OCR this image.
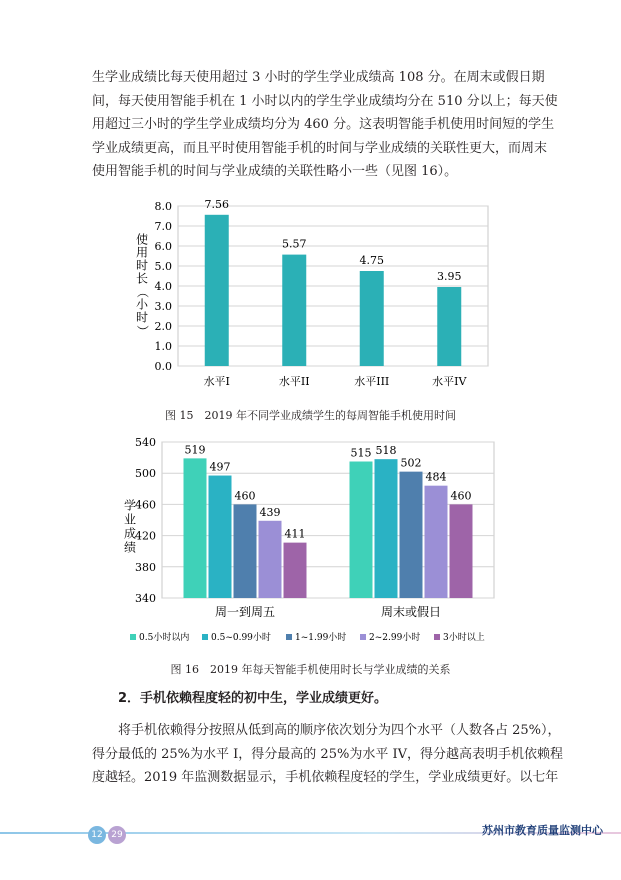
生学业成绩比每天使用超过 3 小时的学生学业成绩高 108 分。在周末或假日期
间，每天使用智能手机在 1 小时以内的学生学业成绩均分在 510 分以上；每天使
用超过三小时的学生学业成绩均分为 460 分。这表明智能手机使用时间短的学生
学业成绩更高，而且平时使用智能手机的时间与学业成绩的关联性更大，而周末
使用智能手机的时间与学业成绩的关联性略小一些（见图 16）。

0.0
1.0
2.0
3.0
4.0
5.0
6.0
7.0
8.0
使
用
时
长
（
小
时
）
7.56
水平I
5.57
水平II
4.75
水平III
3.95
水平IV
图 15　2019 年不同学业成绩学生的每周智能手机使用时间
340
380
420
460
500
540
学
业
成
绩
519
497
460
439
411
周一到周五
515 518
502
484
460
周末或假日
0.5小时以内 0.5~0.99小时	1~1.99小时	2~2.99小时	3小时以上
图 16　2019 年每天智能手机使用时长与学业成绩的关系
2．手机依赖程度轻的初中生，学业成绩更好。

将手机依赖得分按照从低到高的顺序依次划分为四个水平（人数各占 25%），
得分最低的 25%为水平 I，得分最高的 25%为水平 IV，得分越高表明手机依赖程
度越轻。2019 年监测数据显示，手机依赖程度轻的学生，学业成绩更好。以七年

12 29	苏州市教育质量监测中心
